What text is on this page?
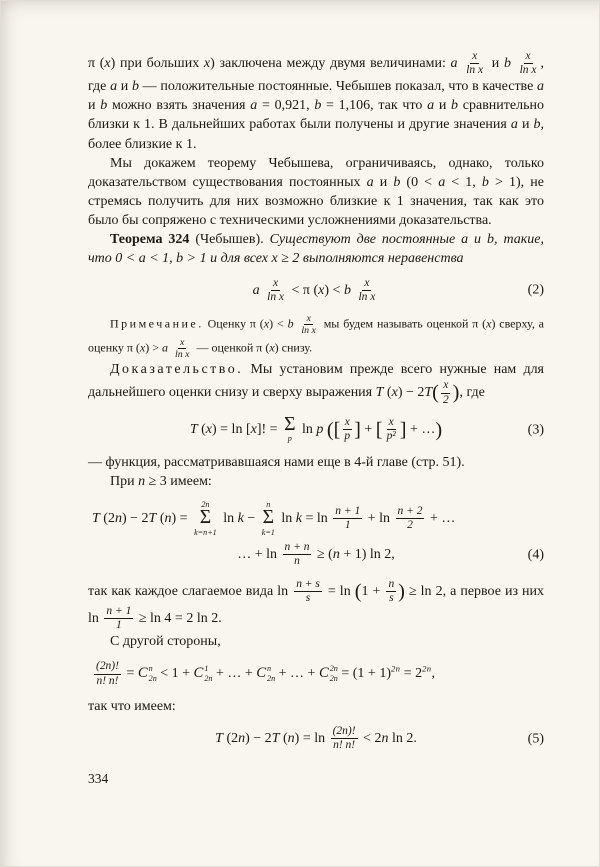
π (x) при больших x) заключена между двумя величинами: a $\frac{x}{\text{ln x}}$ и b $\frac{x}{\text{ln x}}$ , где a и b — положительные постоянные. Чебышев показал, что в качестве a и b можно взять значения a = 0,921, b = 1,106, так что a и b сравнительно близки к 1. В дальнейших работах были получены и другие значения a и b, более близкие к 1.

Мы докажем теорему Чебышева, ограничиваясь, однако, только доказательством существования постоянных a и b (0 < a < 1, b > 1), не стремясь получить для них возможно близкие к 1 значения, так как это было бы сопряжено с техническими усложнениями доказательства.

Теорема 324 (Чебышев). Существуют две постоянные a и b, такие, что 0 < a < 1, b > 1 и для всех x ≥ 2 выполняются неравенства

a $\frac{x}{\text{ln x}} < \pi$ (x) < b $\frac{x}{\text{ln x}}$	(2)

Примечание. Оценку π (x) < b $\frac{x}{\text{ln x}}$ мы будем называть оценкой π (x) сверху, а оценку π (x) > a $\frac{x}{\text{ln x}}$ — оценкой π (x) снизу.

Доказательство. Мы установим прежде всего нужные нам для дальнейшего оценки снизу и сверху выражения T $(x) - 2T( \frac{x}{2}$ ), где

T (x) = ln [x]! = Σ
p
ln p ([ $\frac{x}{p}$ ] + [ $\frac{x}{\text{p²}}$ ] + …)	(3)

— функция, рассматривавшаяся нами еще в 4-й главе (стр. 51).

При n ≥ 3 имеем:

T (2n) − 2T (n) =
2n
Σ
k=n+1
ln k −
n
Σ
k=1
$\ln k = \ln \frac{n + 1}{1} + \ln \frac{n + 2}{2}$ + …
… + $\ln \frac{n + n}{n} \ge (n + 1)$ ln 2,	(4)

так как каждое слагаемое вида $\ln \frac{n + s}{s} = \ln (1 + \frac{n}{s}$ ) ≥ ln 2, а первое из них $\ln \frac{n + 1}{1} \ge \ln 4 = 2$ ln 2.

С другой стороны,

$\frac{(2n)!}{n! n!} = C$ n
2n < 1 + C 1
2n + … + C n
2n + … + C 2n
$2n = (1 + 1)^{2n} = 2^{2n}$,

так что имеем:

T (2n) − 2T $(n) = \ln \frac{(2n)!}{n! n!} < 2n$ ln 2.	(5)
334
